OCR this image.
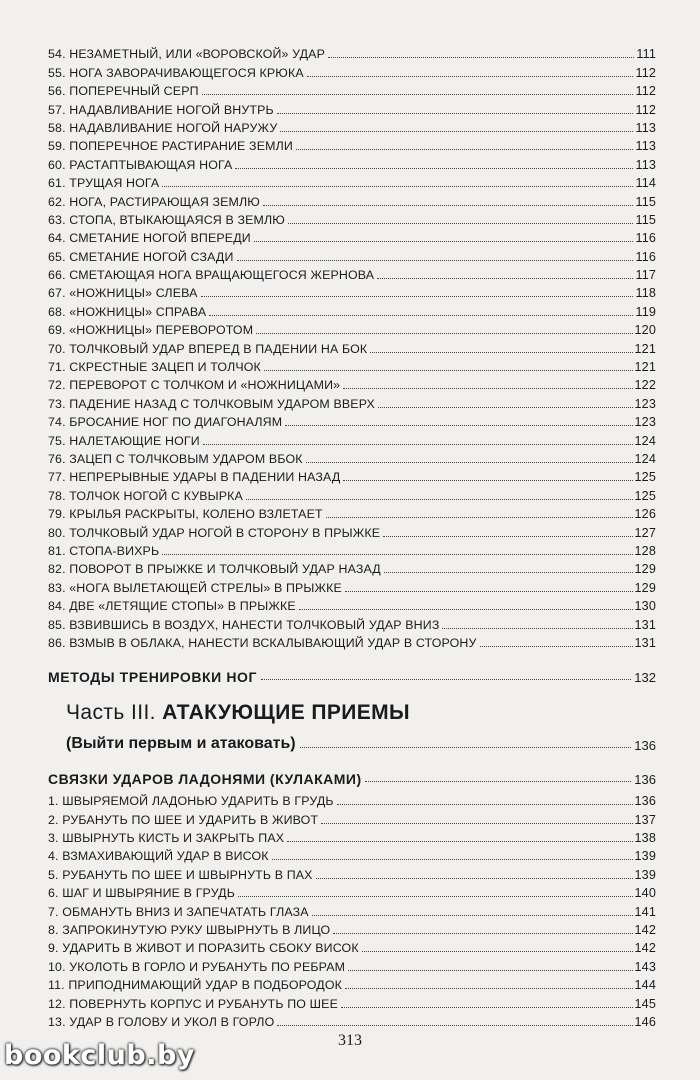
54. НЕЗАМЕТНЫЙ, ИЛИ «ВОРОВСКОЙ» УДАР	111
55. НОГА ЗАВОРАЧИВАЮЩЕГОСЯ КРЮКА	112
56. ПОПЕРЕЧНЫЙ СЕРП	112
57. НАДАВЛИВАНИЕ НОГОЙ ВНУТРЬ	112
58. НАДАВЛИВАНИЕ НОГОЙ НАРУЖУ	113
59. ПОПЕРЕЧНОЕ РАСТИРАНИЕ ЗЕМЛИ	113
60. РАСТАПТЫВАЮЩАЯ НОГА	113
61. ТРУЩАЯ НОГА	114
62. НОГА, РАСТИРАЮЩАЯ ЗЕМЛЮ	115
63. СТОПА, ВТЫКАЮЩАЯСЯ В ЗЕМЛЮ	115
64. СМЕТАНИЕ НОГОЙ ВПЕРЕДИ	116
65. СМЕТАНИЕ НОГОЙ СЗАДИ	116
66. СМЕТАЮЩАЯ НОГА ВРАЩАЮЩЕГОСЯ ЖЕРНОВА	117
67. «НОЖНИЦЫ» СЛЕВА	118
68. «НОЖНИЦЫ» СПРАВА	119
69. «НОЖНИЦЫ» ПЕРЕВОРОТОМ	120
70. ТОЛЧКОВЫЙ УДАР ВПЕРЕД В ПАДЕНИИ НА БОК	121
71. СКРЕСТНЫЕ ЗАЦЕП И ТОЛЧОК	121
72. ПЕРЕВОРОТ С ТОЛЧКОМ И «НОЖНИЦАМИ»	122
73. ПАДЕНИЕ НАЗАД С ТОЛЧКОВЫМ УДАРОМ ВВЕРХ	123
74. БРОСАНИЕ НОГ ПО ДИАГОНАЛЯМ	123
75. НАЛЕТАЮЩИЕ НОГИ	124
76. ЗАЦЕП С ТОЛЧКОВЫМ УДАРОМ ВБОК	124
77. НЕПРЕРЫВНЫЕ УДАРЫ В ПАДЕНИИ НАЗАД	125
78. ТОЛЧОК НОГОЙ С КУВЫРКА	125
79. КРЫЛЬЯ РАСКРЫТЫ, КОЛЕНО ВЗЛЕТАЕТ	126
80. ТОЛЧКОВЫЙ УДАР НОГОЙ В СТОРОНУ В ПРЫЖКЕ	127
81. СТОПА-ВИХРЬ	128
82. ПОВОРОТ В ПРЫЖКЕ И ТОЛЧКОВЫЙ УДАР НАЗАД	129
83. «НОГА ВЫЛЕТАЮЩЕЙ СТРЕЛЫ» В ПРЫЖКЕ	129
84. ДВЕ «ЛЕТЯЩИЕ СТОПЫ» В ПРЫЖКЕ	130
85. ВЗВИВШИСЬ В ВОЗДУХ, НАНЕСТИ ТОЛЧКОВЫЙ УДАР ВНИЗ	131
86. ВЗМЫВ В ОБЛАКА, НАНЕСТИ ВСКАЛЫВАЮЩИЙ УДАР В СТОРОНУ	131
МЕТОДЫ ТРЕНИРОВКИ НОГ	132
Часть III. АТАКУЮЩИЕ ПРИЕМЫ
(Выйти первым и атаковать)	136
СВЯЗКИ УДАРОВ ЛАДОНЯМИ (КУЛАКАМИ)	136
1. ШВЫРЯЕМОЙ ЛАДОНЬЮ УДАРИТЬ В ГРУДЬ	136
2. РУБАНУТЬ ПО ШЕЕ И УДАРИТЬ В ЖИВОТ	137
3. ШВЫРНУТЬ КИСТЬ И ЗАКРЫТЬ ПАХ	138
4. ВЗМАХИВАЮЩИЙ УДАР В ВИСОК	139
5. РУБАНУТЬ ПО ШЕЕ И ШВЫРНУТЬ В ПАХ	139
6. ШАГ И ШВЫРЯНИЕ В ГРУДЬ	140
7. ОБМАНУТЬ ВНИЗ И ЗАПЕЧАТАТЬ ГЛАЗА	141
8. ЗАПРОКИНУТУЮ РУКУ ШВЫРНУТЬ В ЛИЦО	142
9. УДАРИТЬ В ЖИВОТ И ПОРАЗИТЬ СБОКУ ВИСОК	142
10. УКОЛОТЬ В ГОРЛО И РУБАНУТЬ ПО РЕБРАМ	143
11. ПРИПОДНИМАЮЩИЙ УДАР В ПОДБОРОДОК	144
12. ПОВЕРНУТЬ КОРПУС И РУБАНУТЬ ПО ШЕЕ	145
13. УДАР В ГОЛОВУ И УКОЛ В ГОРЛО	146
313
bookclub.by
